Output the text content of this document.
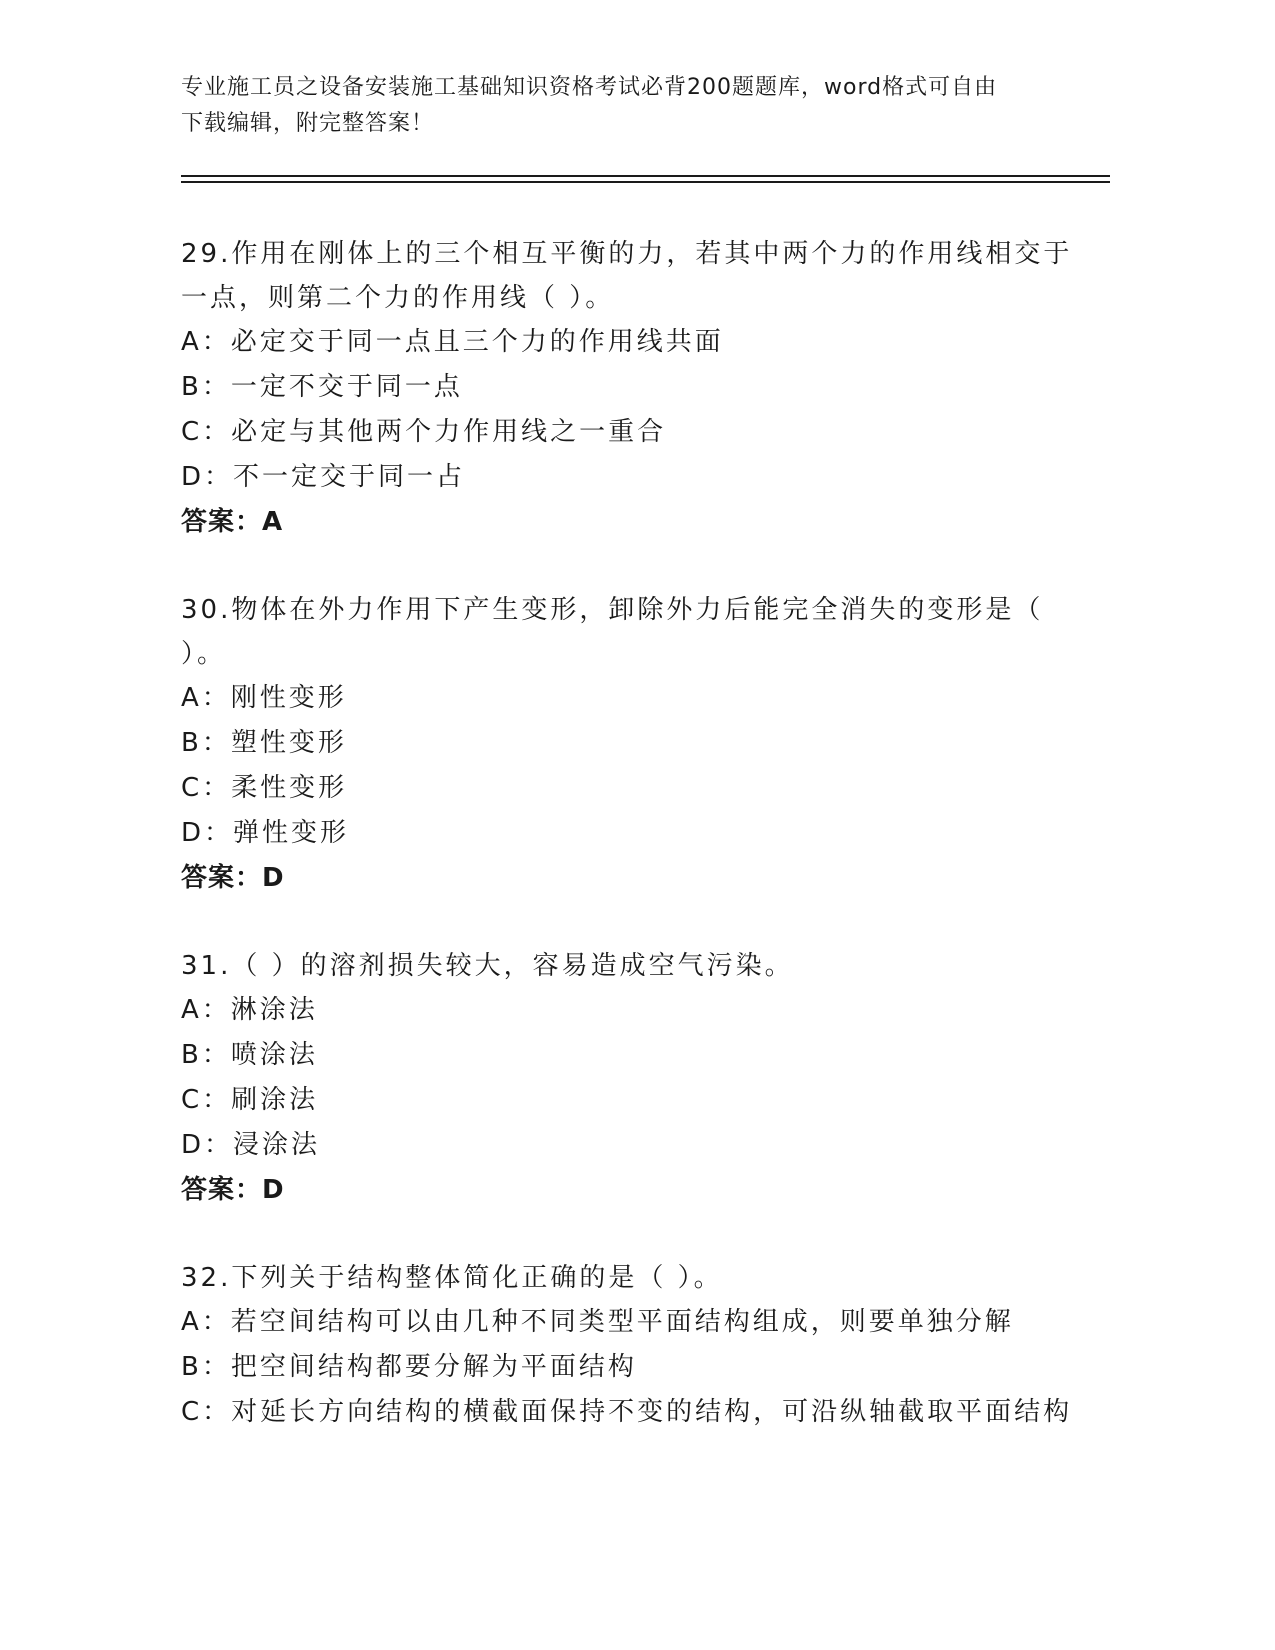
专业施工员之设备安装施工基础知识资格考试必背200题题库，word格式可自由
下载编辑，附完整答案！
29.作用在刚体上的三个相互平衡的力，若其中两个力的作用线相交于
一点，则第二个力的作用线（ ）。
A：必定交于同一点且三个力的作用线共面
B：一定不交于同一点
C：必定与其他两个力作用线之一重合
D：不一定交于同一占
答案：A
30.物体在外力作用下产生变形，卸除外力后能完全消失的变形是（
）。
A：刚性变形
B：塑性变形
C：柔性变形
D：弹性变形
答案：D
31.（ ）的溶剂损失较大，容易造成空气污染。
A：淋涂法
B：喷涂法
C：刷涂法
D：浸涂法
答案：D
32.下列关于结构整体简化正确的是（ ）。
A：若空间结构可以由几种不同类型平面结构组成，则要单独分解
B：把空间结构都要分解为平面结构
C：对延长方向结构的横截面保持不变的结构，可沿纵轴截取平面结构
